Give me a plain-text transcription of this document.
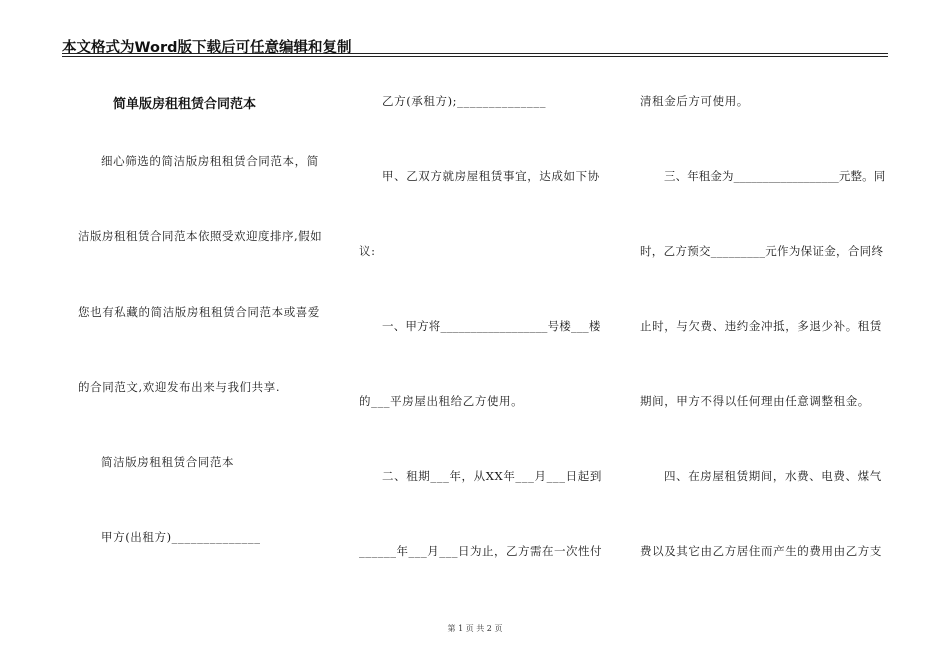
本文格式为Word版下载后可任意编辑和复制
简单版房租租赁合同范本
细心筛选的简洁版房租租赁合同范本，简
洁版房租租赁合同范本依照受欢迎度排序,假如
您也有私藏的简洁版房租租赁合同范本或喜爱
的合同范文,欢迎发布出来与我们共享.
简洁版房租租赁合同范本
甲方(出租方)______________
乙方(承租方);______________
甲、乙双方就房屋租赁事宜，达成如下协
议:
一、甲方将__________________号楼___楼
的___平房屋出租给乙方使用。
二、租期___年，从XX年___月___日起到
______年___月___日为止，乙方需在一次性付
清租金后方可使用。
三、年租金为__________________元整。同
时，乙方预交_________元作为保证金，合同终
止时，与欠费、违约金冲抵，多退少补。租赁
期间，甲方不得以任何理由任意调整租金。
四、在房屋租赁期间，水费、电费、煤气
费以及其它由乙方居住而产生的费用由乙方支
第 1 页 共 2 页
